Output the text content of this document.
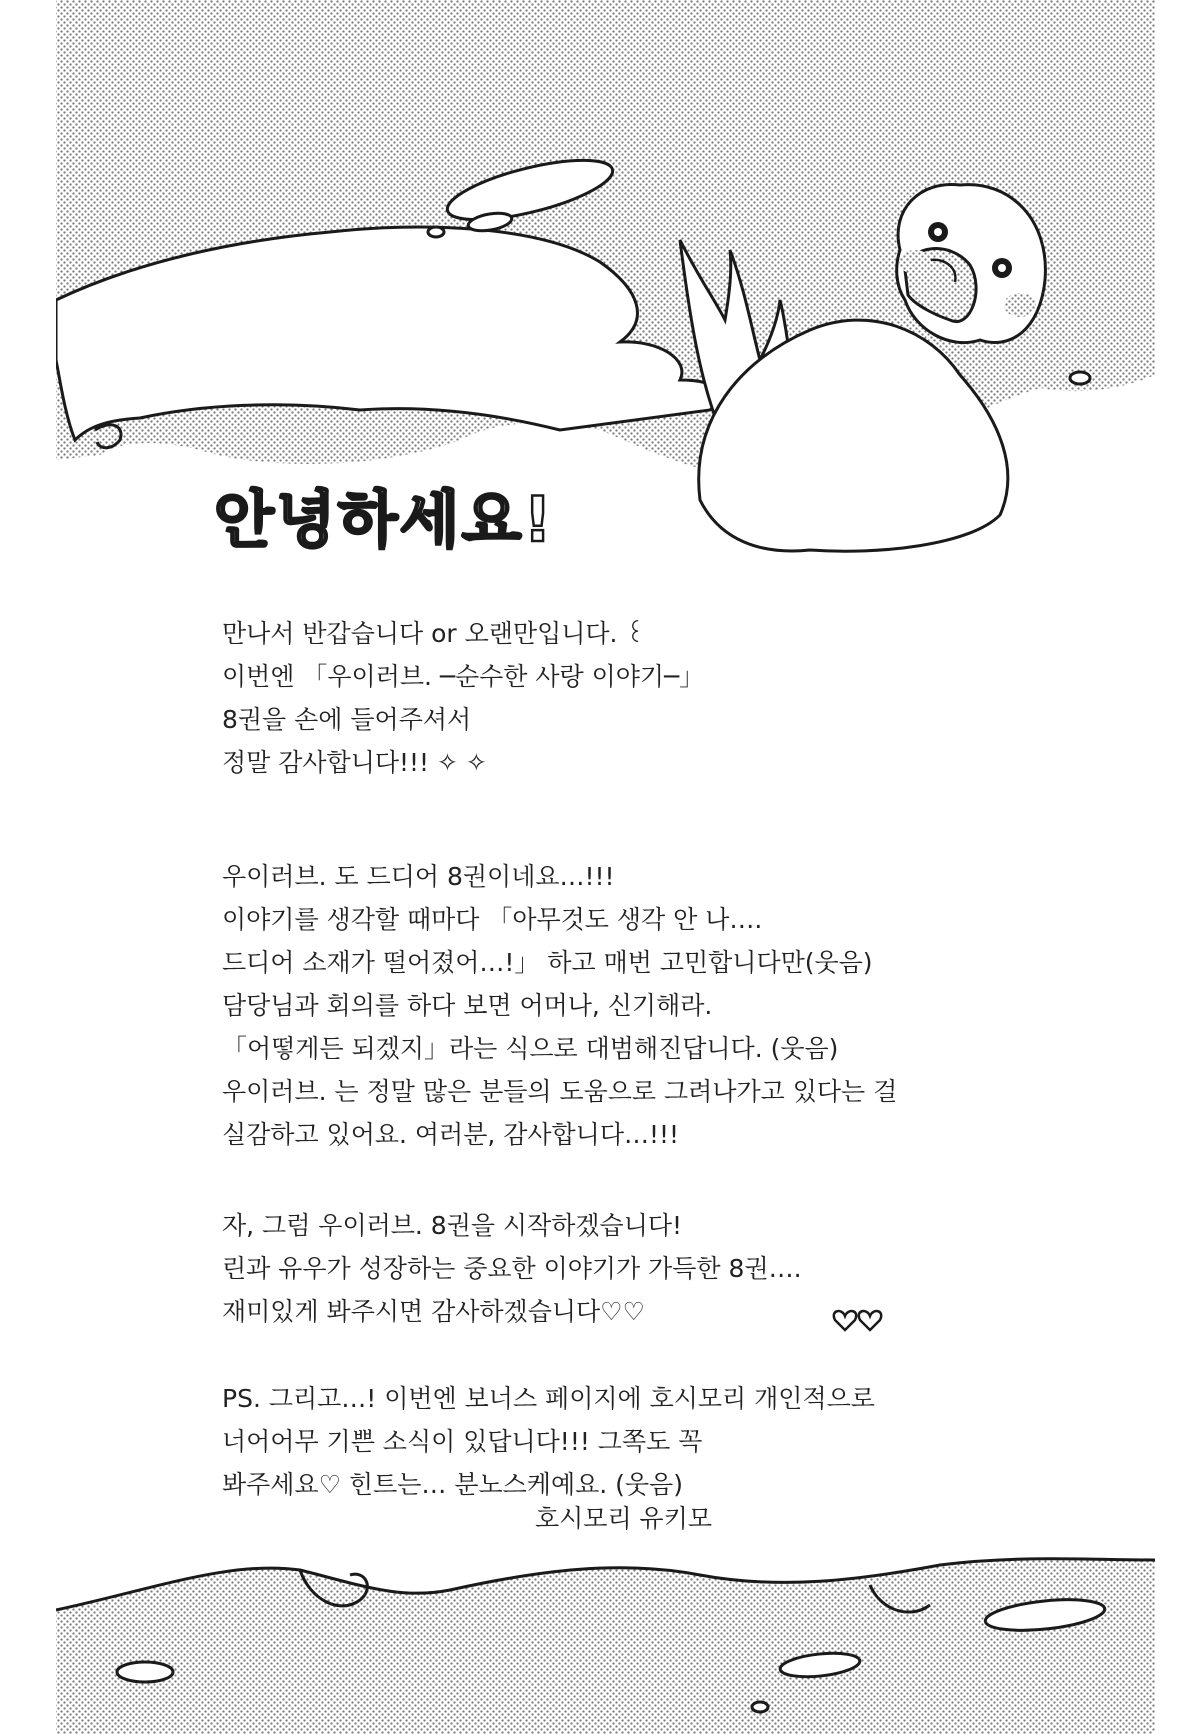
안녕하세요!
만나서 반갑습니다 or 오랜만입니다. ꒰
이번엔 「우이러브. ─순수한 사랑 이야기─」
8권을 손에 들어주셔서
정말 감사합니다!!! ✧ ✧
우이러브. 도 드디어 8권이네요…!!!
이야기를 생각할 때마다 「아무것도 생각 안 나….
드디어 소재가 떨어졌어…!」 하고 매번 고민합니다만(웃음)
담당님과 회의를 하다 보면 어머나, 신기해라.
「어떻게든 되겠지」라는 식으로 대범해진답니다. (웃음)
우이러브. 는 정말 많은 분들의 도움으로 그려나가고 있다는 걸
실감하고 있어요. 여러분, 감사합니다…!!!
자, 그럼 우이러브. 8권을 시작하겠습니다!
린과 유우가 성장하는 중요한 이야기가 가득한 8권….
재미있게 봐주시면 감사하겠습니다♡♡
PS. 그리고…! 이번엔 보너스 페이지에 호시모리 개인적으로
너어어무 기쁜 소식이 있답니다!!! 그쪽도 꼭
봐주세요♡ 힌트는… 분노스케예요. (웃음)

호시모리 유키모
